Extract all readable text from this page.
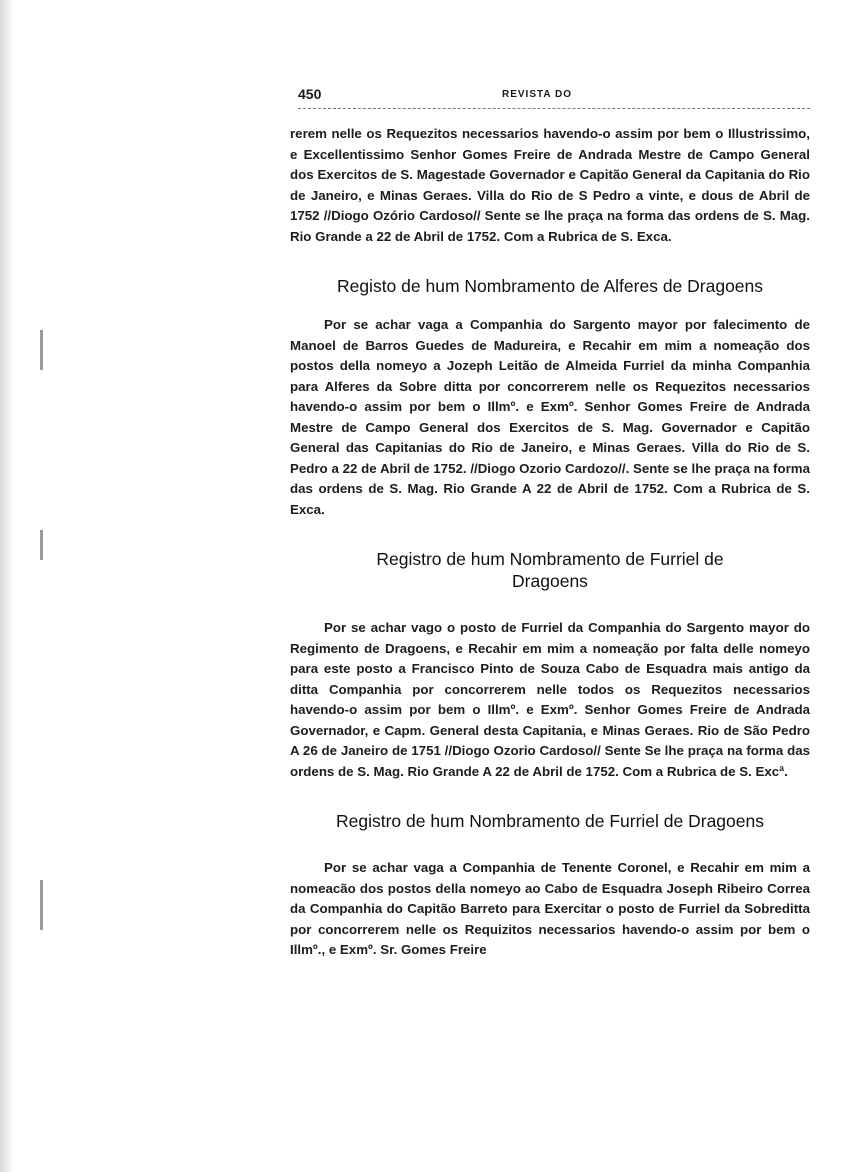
450	REVISTA DO

rerem nelle os Requezitos necessarios havendo-o assim por bem o Illustrissimo, e Excellentissimo Senhor Gomes Freire de Andrada Mestre de Campo General dos Exercitos de S. Magestade Governador e Capitão General da Capitania do Rio de Janeiro, e Minas Geraes. Villa do Rio de S Pedro a vinte, e dous de Abril de 1752 //Diogo Ozório Cardoso// Sente se lhe praça na forma das ordens de S. Mag. Rio Grande a 22 de Abril de 1752. Com a Rubrica de S. Exca.

Registo de hum Nombramento de Alferes de Dragoens

Por se achar vaga a Companhia do Sargento mayor por falecimento de Manoel de Barros Guedes de Madureira, e Recahir em mim a nomeação dos postos della nomeyo a Jozeph Leitão de Almeida Furriel da minha Companhia para Alferes da Sobre ditta por concorrerem nelle os Requezitos necessarios havendo-o assim por bem o Illmº. e Exmº. Senhor Gomes Freire de Andrada Mestre de Campo General dos Exercitos de S. Mag. Governador e Capitão General das Capitanias do Rio de Janeiro, e Minas Geraes. Villa do Rio de S. Pedro a 22 de Abril de 1752. //Diogo Ozorio Cardozo//. Sente se lhe praça na forma das ordens de S. Mag. Rio Grande A 22 de Abril de 1752. Com a Rubrica de S. Exca.

Registro de hum Nombramento de Furriel de Dragoens

Por se achar vago o posto de Furriel da Companhia do Sargento mayor do Regimento de Dragoens, e Recahir em mim a nomeação por falta delle nomeyo para este posto a Francisco Pinto de Souza Cabo de Esquadra mais antigo da ditta Companhia por concorrerem nelle todos os Requezitos necessarios havendo-o assim por bem o Illmº. e Exmº. Senhor Gomes Freire de Andrada Governador, e Capm. General desta Capitania, e Minas Geraes. Rio de São Pedro A 26 de Janeiro de 1751 //Diogo Ozorio Cardoso// Sente Se lhe praça na forma das ordens de S. Mag. Rio Grande A 22 de Abril de 1752. Com a Rubrica de S. Excª.

Registro de hum Nombramento de Furriel de Dragoens

Por se achar vaga a Companhia de Tenente Coronel, e Recahir em mim a nomeacão dos postos della nomeyo ao Cabo de Esquadra Joseph Ribeiro Correa da Companhia do Capitão Barreto para Exercitar o posto de Furriel da Sobreditta por concorrerem nelle os Requizitos necessarios havendo-o assim por bem o Illmº., e Exmº. Sr. Gomes Freire
